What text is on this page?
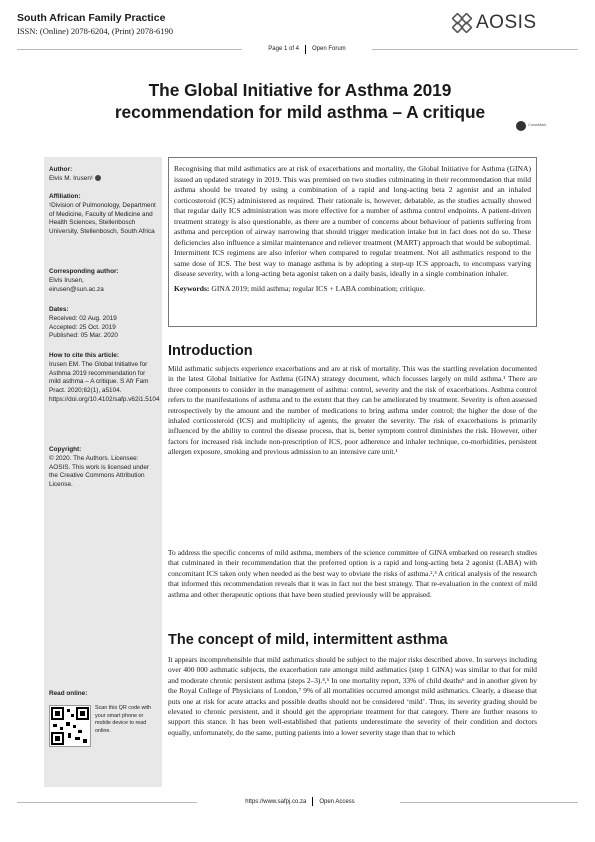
South African Family Practice
ISSN: (Online) 2078-6204, (Print) 2078-6190	AOSIS
Page 1 of 4 Open Forum
The Global Initiative for Asthma 2019
recommendation for mild asthma – A critique
CrossMark
Author:
Elvis M. Irusen¹
Affiliation:
¹Division of Pulmonology, Department of Medicine, Faculty of Medicine and Health Sciences, Stellenbosch University, Stellenbosch, South Africa
Corresponding author:
Elvis Irusen,
eirusen@sun.ac.za
Dates:
Received: 02 Aug. 2019
Accepted: 25 Oct. 2019
Published: 05 Mar. 2020
How to cite this article:
Irusen EM. The Global Initiative for Asthma 2019 recommendation for mild asthma – A critique. S Afr Fam Pract. 2020;62(1), a5104. https://doi.org/10.4102/safp.v62i1.5104
Copyright:
© 2020. The Authors. Licensee: AOSIS. This work is licensed under the Creative Commons Attribution License.
Read online:
Scan this QR code with your smart phone or mobile device to read online.
Recognising that mild asthmatics are at risk of exacerbations and mortality, the Global Initiative for Asthma (GINA) issued an updated strategy in 2019. This was premised on two studies culminating in their recommendation that mild asthma should be treated by using a combination of a rapid and long-acting beta 2 agonist and an inhaled corticosteroid (ICS) administered as required. Their rationale is, however, debatable, as the studies actually showed that regular daily ICS administration was more effective for a number of asthma control endpoints. A patient-driven treatment strategy is also questionable, as there are a number of concerns about behaviour of patients suffering from asthma and perception of airway narrowing that should trigger medication intake but in fact does not do so. These deficiencies also influence a similar maintenance and reliever treatment (MART) approach that would be suboptimal. Intermittent ICS regimens are also inferior when compared to regular treatment. Not all asthmatics respond to the same dose of ICS. The best way to manage asthma is by adopting a step-up ICS approach, to encompass varying disease severity, with a long-acting beta agonist taken on a daily basis, ideally in a single combination inhaler.
Keywords: GINA 2019; mild asthma; regular ICS + LABA combination; critique.
Introduction
Mild asthmatic subjects experience exacerbations and are at risk of mortality. This was the startling revelation documented in the latest Global Initiative for Asthma (GINA) strategy document, which focusses largely on mild asthma.¹ There are three components to consider in the management of asthma: control, severity and the risk of exacerbations. Asthma control refers to the manifestations of asthma and to the extent that they can be ameliorated by treatment. Severity is often assessed retrospectively by the amount and the number of medications to bring asthma under control; the higher the dose of the inhaled corticosteroid (ICS) and multiplicity of agents, the greater the severity. The risk of exacerbations is primarily influenced by the ability to control the disease process, that is, better symptom control diminishes the risk. However, other factors for increased risk include non-prescription of ICS, poor adherence and inhaler technique, co-morbidities, persistent allergen exposure, smoking and previous admission to an intensive care unit.¹
To address the specific concerns of mild asthma, members of the science committee of GINA embarked on research studies that culminated in their recommendation that the preferred option is a rapid and long-acting beta 2 agonist (LABA) with concomitant ICS taken only when needed as the best way to obviate the risks of asthma.²,³ A critical analysis of the research that informed this recommendation reveals that it was in fact not the best strategy. That re-evaluation in the context of mild asthma and other therapeutic options that have been studied previously will be appraised.
The concept of mild, intermittent asthma
It appears incomprehensible that mild asthmatics should be subject to the major risks described above. In surveys including over 400 000 asthmatic subjects, the exacerbation rate amongst mild asthmatics (step 1 GINA) was similar to that for mild and moderate chronic persistent asthma (steps 2–3).⁴,⁵ In one mortality report, 33% of child deaths⁶ and in another given by the Royal College of Physicians of London,⁷ 9% of all mortalities occurred amongst mild asthmatics. Clearly, a disease that puts one at risk for acute attacks and possible deaths should not be considered ‘mild’. Thus, its severity grading should be elevated to chronic persistent, and it should get the appropriate treatment for that category. There are further reasons to support this stance. It has been well-established that patients underestimate the severity of their condition and doctors equally, unfortunately, do the same, putting patients into a lower severity stage than that to which
https://www.safpj.co.za Open Access
